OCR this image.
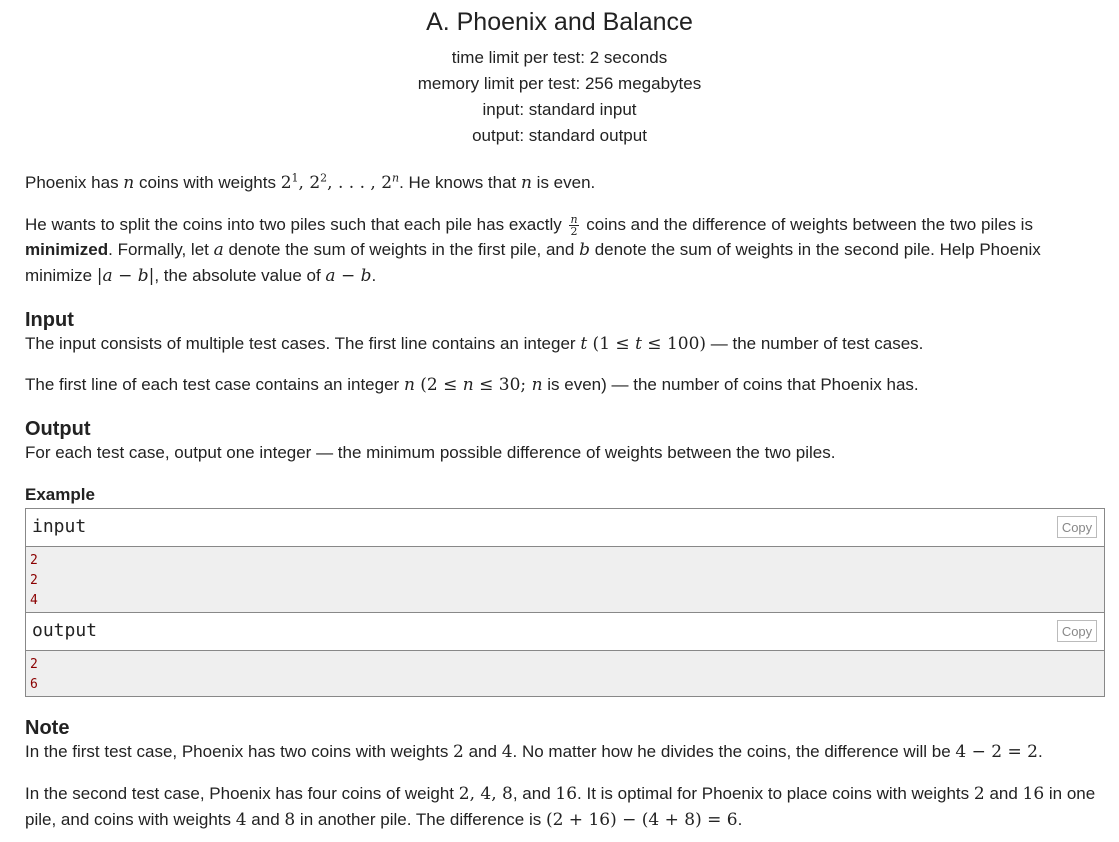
A. Phoenix and Balance
time limit per test: 2 seconds
memory limit per test: 256 megabytes
input: standard input
output: standard output

Phoenix has n coins with weights $2^1$, $2^2$, . . . , 2$^n$. He knows that n is even.

He wants to split the coins into two piles such that each pile has exactly $\frac{n}{2}$ coins and the difference of weights between the two piles is minimized. Formally, let a denote the sum of weights in the first pile, and b denote the sum of weights in the second pile. Help Phoenix minimize |a − b|, the absolute value of a − b.

Input

The input consists of multiple test cases. The first line contains an integer t (1 ≤ t ≤ 100) — the number of test cases.

The first line of each test case contains an integer n (2 ≤ n ≤ 30; n is even) — the number of coins that Phoenix has.

Output

For each test case, output one integer — the minimum possible difference of weights between the two piles.

Example
input	Copy
2
2
4
output	Copy
2
6
Note

In the first test case, Phoenix has two coins with weights 2 and 4. No matter how he divides the coins, the difference will be 4 − 2 = 2.

In the second test case, Phoenix has four coins of weight 2, 4, 8, and 16. It is optimal for Phoenix to place coins with weights 2 and 16 in one pile, and coins with weights 4 and 8 in another pile. The difference is (2 + 16) − (4 + 8) = 6.
